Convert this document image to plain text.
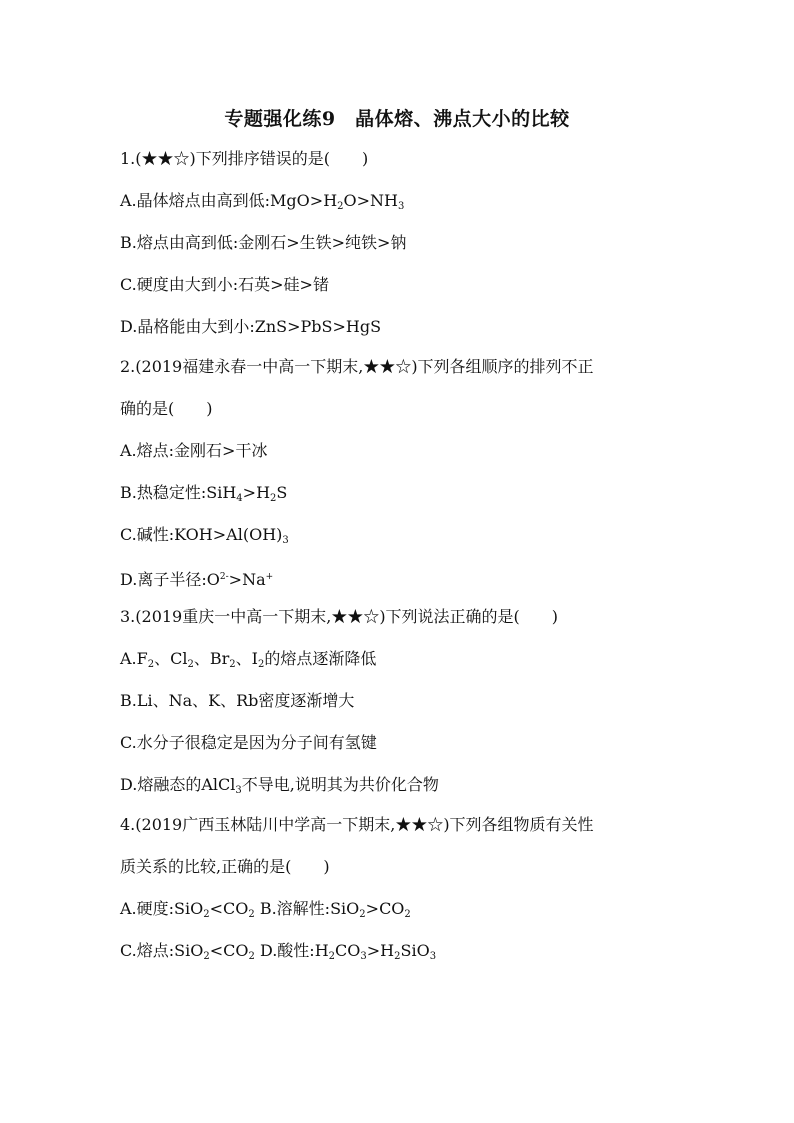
专题强化练9　晶体熔、沸点大小的比较
1.(★★☆)下列排序错误的是(　　)
A.晶体熔点由高到低$:MgO>H_2O>NH_3$
B.熔点由高到低:金刚石>生铁>纯铁>钠
C.硬度由大到小:石英>硅>锗
D.晶格能由大到小:ZnS>PbS>HgS
2.(2019福建永春一中高一下期末,★★☆)下列各组顺序的排列不正
确的是(　　)
A.熔点:金刚石>干冰
B.热稳定性$:SiH_4>H_2S$
C.碱性$:KOH>Al(OH)_3$
D.离子半径$:O^{2-}>Na^+$
3.(2019重庆一中高一下期末,★★☆)下列说法正确的是(　　)
$A.F_2$、$Cl_2$、$Br_2$、$I_2$的熔点逐渐降低
B.Li、Na、K、Rb密度逐渐增大
C.水分子很稳定是因为分子间有氢键
D.熔融态的AlCl$_3$不导电,说明其为共价化合物
4.(2019广西玉林陆川中学高一下期末,★★☆)下列各组物质有关性
质关系的比较,正确的是(　　)
A.硬度$:SiO_2<CO_2$ B.溶解性$:SiO_2>CO_2$
C.熔点$:SiO_2<CO_2$ D.酸性$:H_2CO_3>H_2SiO_3$
